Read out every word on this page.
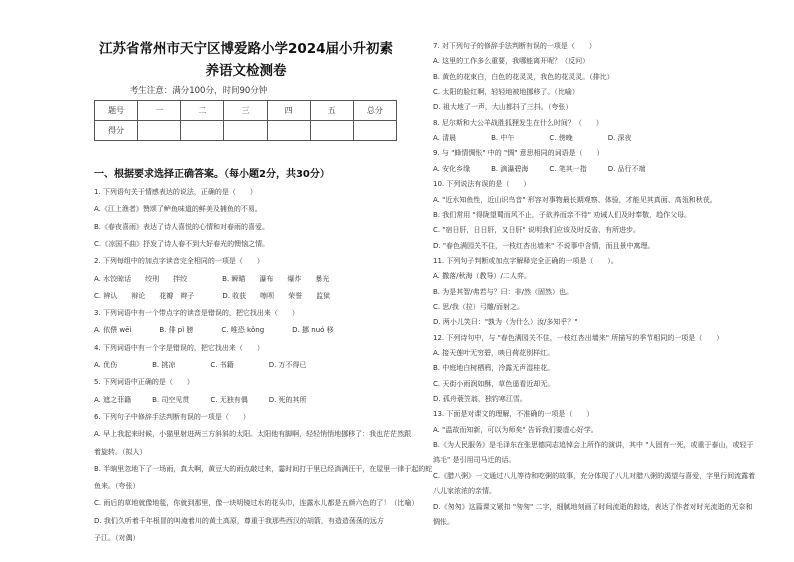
江苏省常州市天宁区博爱路小学2024届小升初素养语文检测卷
考生注意：满分100分，时间90分钟
题号	一	二	三	四	五	总分
得分						
一、根据要求选择正确答案。（每小题2分，共30分）
1. 下列语句关于情感表达的说法，正确的是（　　）
A.《江上渔者》赞颂了鲈鱼味道的鲜美及捕鱼的不易。
B.《春夜喜雨》表达了诗人喜悦的心情和对春雨的喜爱。
C.《凉国不曲》抒发了诗人春不到大好春光的懊恼之情。
2. 下列每组中的加点字读音完全相同的一项是（　　）
A. 水饺晾话　　绞刑　　拌绞　　　　　B. 瞬瞄　　瀑布　　爆炸　　暴光
C. 辨认　　辩论　　花瓣　辫子　　　　D. 收获　　嚓呗　　荣誉　　监狱
3. 下列词语中有一个带点字的读音是错误的，把它找出来（　　）
A. 依偎 wēi　　　　B. 俳 pǐ 膀　　　　C. 唯恐 kǒng　　　　D. 挪 nuó 移
4. 下列词语中有一个字是错误的，把它找出来（　　）
A. 优伤　　　　　B. 挑凉　　　　　C. 书籍　　　　　D. 万不得已
5. 下列词语中正确的是（　　）
A. 遮之菲籍　　　B. 司空见贯　　　C. 无独有偶　　　D. 死的其所
6. 下列句子中修辞手法判断有误的一项是（　　）
A. 早上我起来时候，小猫里射进两三方斜斜的太阳。太阳他有脚啊，轻轻悄悄地挪移了：我也茫茫然跟
着旋转。（拟人）
B. 半晌里忽地下了一场雨，真大啊，黄豆大的雨点敲过来，霎时间打于里已经淌满汪干，在屋里一律于起的蛇
鱼来。（夸张）
C. 雨后的草地就像地毯，你就到那里，像一块明镜过水的花头巾，连露水儿都是五颜六色的了！（比喻）
D. 我们久听着千年根冒的叫淹着川的黄土高原，尊重于我那些西汉的胡箭，有造造荡荡的远方
子江。（对偶）
7. 对下列句子的修辞手法判断有误的一项是（　　）
A. 这里的工作多么重要，我哪能离开呢？（反问）
B. 黄色的花束白，白色的花灵灵，我色的花灵灵。（排比）
C. 太阳的脸红啊，轻轻地被地挪移了。（比喻）
D. 祖大地了一声，大山都抖了三抖。（夸张）
8. 尼尔斯和大公羊战胜狐狸发生在什么时间？（　　）
A. 清晨　　　　　B. 中午　　　　　C. 傍晚　　　　　D. 深夜
9. 与 "蜂情惆怅" 中的 "惆" 意思相同的词语是（　　）
A. 安化乡缘　　　B. 滴瀑碧海　　　C. 笔其一指　　　D. 品行不端
10. 下列说法有误的是（　　）
A. "近水知鱼性，近山识鸟音" 形容对事物最长期观察、体验，才能见其真面、高瓴和秋茯。
B. 我们常用 "得陇望蜀而风不止，子欲养而亲不待" 劝诫人们及时奉敬，趋作父母。
C. "宿日肝，日日肝，又日肝" 说明我们应该及时反省、有所进步。
D. "春色满园关不住，一枝红杏出墙来" 不说事中含情，而且景中寓理。
11. 下列句子判断或加点字解释完全正确的一项是（　　）。
A. 撒落/秋海（教导）/二人弈。
B. 为是其智/弗若与？曰：非/然（固然）也。
C. 思/我（拉）弓雕/而射之。
D. 两小儿笑曰："孰为（为什么）汝/多知乎？"
12. 下列诗句中，与 "春色满园关不住，一枝红杏出墙来" 所描写的季节相同的一项是（　　）
A. 接天莲叶无穷碧，映日荷花别样红。
B. 中庭地白树栖鸦，冷露无声湿桂花。
C. 天街小雨润如酥，草色遥看近却无。
D. 孤舟蓑笠翁，独钓寒江雪。
13. 下面是对课文的理解，不准确的一项是（　　）
A. "温故而知新，可以为师矣" 告诉我们要虚心好学。
B.《为人民服务》是毛泽东在张思德同志追悼会上所作的演讲，其中 "人固有一死，或重于泰山，或轻于
鸿毛" 是引用司马迁的话。
C.《腊八粥》一文通过八儿等待和吃粥的故事，充分体现了八儿对腊八粥的渴望与喜爱，字里行间流露着
八儿家浓浓的亲情。
D.《匆匆》这篇课文紧扣 "匆匆" 二字，细腻地刻画了时间流逝的踪迹，表达了作者对时光流逝的无奈和
惆怅。
